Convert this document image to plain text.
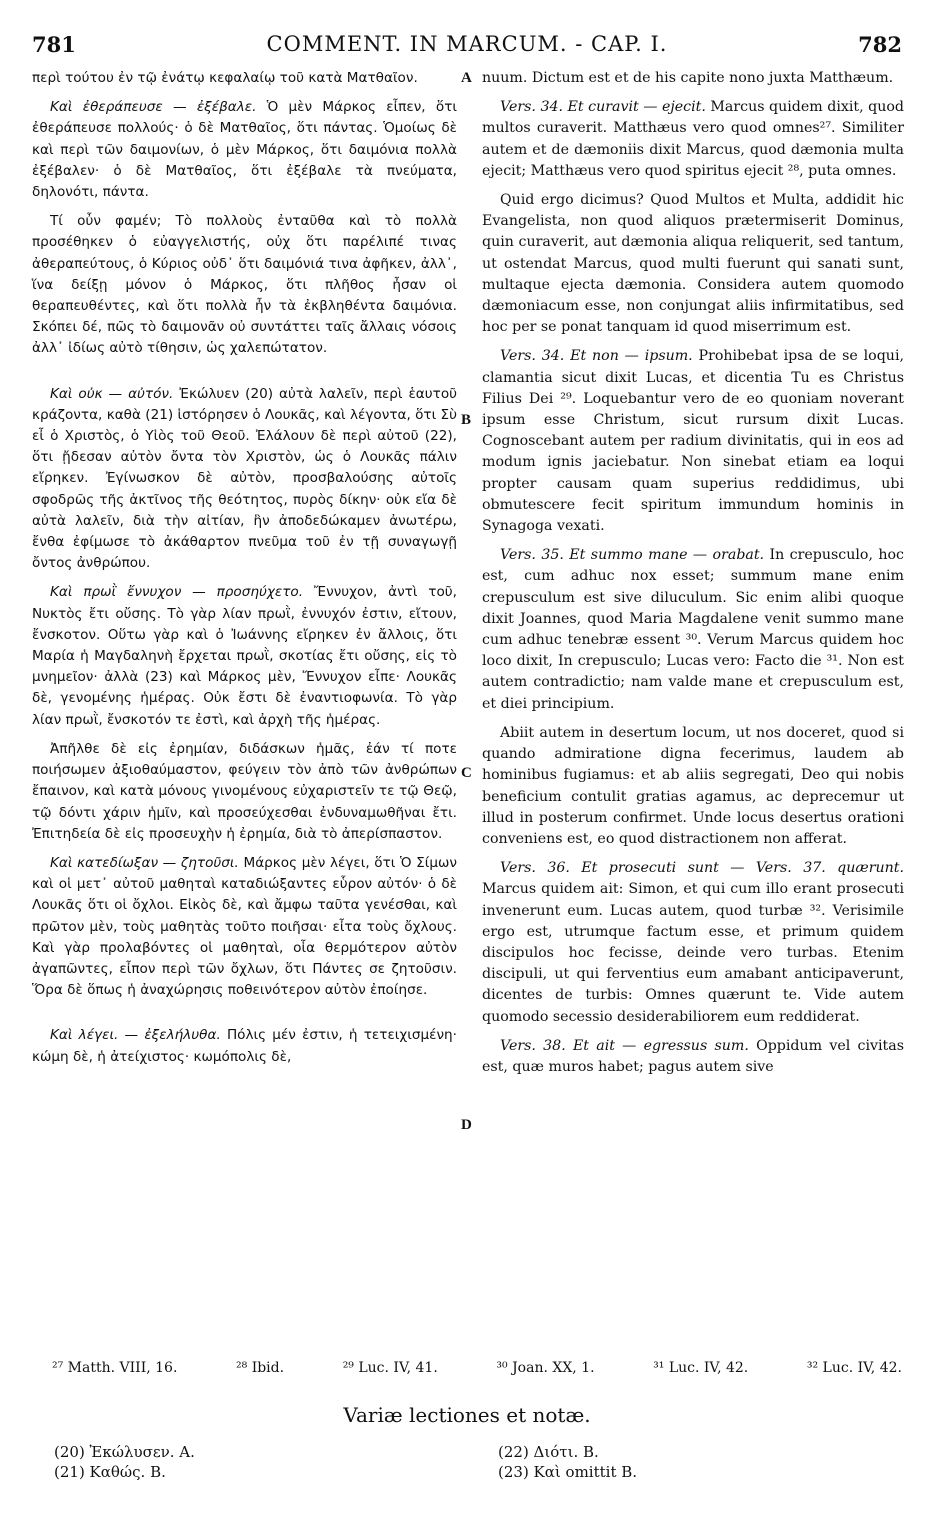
781	COMMENT. IN MARCUM. - CAP. I.	782
A
B
C
D

περὶ τούτου ἐν τῷ ἐνάτῳ κεφαλαίῳ τοῦ κατὰ Ματθαῖον.

Καὶ ἐθεράπευσε — ἐξέβαλε. Ὁ μὲν Μάρκος εἶπεν, ὅτι ἐθεράπευσε πολλούς· ὁ δὲ Ματθαῖος, ὅτι πάντας. Ὁμοίως δὲ καὶ περὶ τῶν δαιμονίων, ὁ μὲν Μάρκος, ὅτι δαιμόνια πολλὰ ἐξέβαλεν· ὁ δὲ Ματθαῖος, ὅτι ἐξέβαλε τὰ πνεύματα, δηλονότι, πάντα.

Τί οὖν φαμέν; Τὸ πολλοὺς ἐνταῦθα καὶ τὸ πολλὰ προσέθηκεν ὁ εὐαγγελιστής, οὐχ ὅτι παρέλιπέ τινας ἀθεραπεύτους, ὁ Κύριος οὐδ᾽ ὅτι δαιμόνιά τινα ἀφῆκεν, ἀλλ᾽, ἵνα δείξῃ μόνον ὁ Μάρκος, ὅτι πλῆθος ἦσαν οἱ θεραπευθέντες, καὶ ὅτι πολλὰ ἦν τὰ ἐκβληθέντα δαιμόνια. Σκόπει δέ, πῶς τὸ δαιμονᾶν οὐ συντάττει ταῖς ἄλλαις νόσοις ἀλλ᾽ ἰδίως αὐτὸ τίθησιν, ὡς χαλεπώτατον.

Καὶ οὐκ — αὐτόν. Ἐκώλυεν (20) αὐτὰ λαλεῖν, περὶ ἑαυτοῦ κράζοντα, καθὰ (21) ἱστόρησεν ὁ Λουκᾶς, καὶ λέγοντα, ὅτι Σὺ εἶ ὁ Χριστὸς, ὁ Υἱὸς τοῦ Θεοῦ. Ἐλάλουν δὲ περὶ αὐτοῦ (22), ὅτι ᾔδεσαν αὐτὸν ὄντα τὸν Χριστὸν, ὡς ὁ Λουκᾶς πάλιν εἴρηκεν. Ἐγίνωσκον δὲ αὐτὸν, προσβαλούσης αὐτοῖς σφοδρῶς τῆς ἀκτῖνος τῆς θεότητος, πυρὸς δίκην· οὐκ εἴα δὲ αὐτὰ λαλεῖν, διὰ τὴν αἰτίαν, ἣν ἀποδεδώκαμεν ἀνωτέρω, ἔνθα ἐφίμωσε τὸ ἀκάθαρτον πνεῦμα τοῦ ἐν τῇ συναγωγῇ ὄντος ἀνθρώπου.

Καὶ πρωῒ ἔννυχον — προσηύχετο. Ἔννυχον, ἀντὶ τοῦ, Νυκτὸς ἔτι οὔσης. Τὸ γὰρ λίαν πρωῒ, ἐννυχόν ἐστιν, εἴτουν, ἔνσκοτον. Οὕτω γὰρ καὶ ὁ Ἰωάννης εἴρηκεν ἐν ἄλλοις, ὅτι Μαρία ἡ Μαγδαληνὴ ἔρχεται πρωῒ, σκοτίας ἔτι οὔσης, εἰς τὸ μνημεῖον· ἀλλὰ (23) καὶ Μάρκος μὲν, Ἔννυχον εἶπε· Λουκᾶς δὲ, γενομένης ἡμέρας. Οὐκ ἔστι δὲ ἐναντιοφωνία. Τὸ γὰρ λίαν πρωῒ, ἔνσκοτόν τε ἐστὶ, καὶ ἀρχὴ τῆς ἡμέρας.

Ἀπῆλθε δὲ εἰς ἐρημίαν, διδάσκων ἡμᾶς, ἐάν τί ποτε ποιήσωμεν ἀξιοθαύμαστον, φεύγειν τὸν ἀπὸ τῶν ἀνθρώπων ἔπαινον, καὶ κατὰ μόνους γινομένους εὐχαριστεῖν τε τῷ Θεῷ, τῷ δόντι χάριν ἡμῖν, καὶ προσεύχεσθαι ἐνδυναμωθῆναι ἔτι. Ἐπιτηδεία δὲ εἰς προσευχὴν ἡ ἐρημία, διὰ τὸ ἀπερίσπαστον.

Καὶ κατεδίωξαν — ζητοῦσι. Μάρκος μὲν λέγει, ὅτι Ὁ Σίμων καὶ οἱ μετ᾽ αὐτοῦ μαθηταὶ καταδιώξαντες εὗρον αὐτόν· ὁ δὲ Λουκᾶς ὅτι οἱ ὄχλοι. Εἰκὸς δὲ, καὶ ἄμφω ταῦτα γενέσθαι, καὶ πρῶτον μὲν, τοὺς μαθητὰς τοῦτο ποιῆσαι· εἶτα τοὺς ὄχλους. Καὶ γὰρ προλαβόντες οἱ μαθηταὶ, οἷα θερμότερον αὐτὸν ἀγαπῶντες, εἶπον περὶ τῶν ὄχλων, ὅτι Πάντες σε ζητοῦσιν. Ὅρα δὲ ὅπως ἡ ἀναχώρησις ποθεινότερον αὐτὸν ἐποίησε.

Καὶ λέγει. — ἐξελήλυθα. Πόλις μέν ἐστιν, ἡ τετειχισμένη· κώμη δὲ, ἡ ἀτείχιστος· κωμόπολις δὲ,

nuum. Dictum est et de his capite nono juxta Matthæum.

Vers. 34. Et curavit — ejecit. Marcus quidem dixit, quod multos curaverit. Matthæus vero quod omnes²⁷. Similiter autem et de dæmoniis dixit Marcus, quod dæmonia multa ejecit; Matthæus vero quod spiritus ejecit ²⁸, puta omnes.

Quid ergo dicimus? Quod Multos et Multa, addidit hic Evangelista, non quod aliquos prætermiserit Dominus, quin curaverit, aut dæmonia aliqua reliquerit, sed tantum, ut ostendat Marcus, quod multi fuerunt qui sanati sunt, multaque ejecta dæmonia. Considera autem quomodo dæmoniacum esse, non conjungat aliis infirmitatibus, sed hoc per se ponat tanquam id quod miserrimum est.

Vers. 34. Et non — ipsum. Prohibebat ipsa de se loqui, clamantia sicut dixit Lucas, et dicentia Tu es Christus Filius Dei ²⁹. Loquebantur vero de eo quoniam noverant ipsum esse Christum, sicut rursum dixit Lucas. Cognoscebant autem per radium divinitatis, qui in eos ad modum ignis jaciebatur. Non sinebat etiam ea loqui propter causam quam superius reddidimus, ubi obmutescere fecit spiritum immundum hominis in Synagoga vexati.

Vers. 35. Et summo mane — orabat. In crepusculo, hoc est, cum adhuc nox esset; summum mane enim crepusculum est sive diluculum. Sic enim alibi quoque dixit Joannes, quod Maria Magdalene venit summo mane cum adhuc tenebræ essent ³⁰. Verum Marcus quidem hoc loco dixit, In crepusculo; Lucas vero: Facto die ³¹. Non est autem contradictio; nam valde mane et crepusculum est, et diei principium.

Abiit autem in desertum locum, ut nos doceret, quod si quando admiratione digna fecerimus, laudem ab hominibus fugiamus: et ab aliis segregati, Deo qui nobis beneficium contulit gratias agamus, ac deprecemur ut illud in posterum confirmet. Unde locus desertus orationi conveniens est, eo quod distractionem non afferat.

Vers. 36. Et prosecuti sunt — Vers. 37. quærunt. Marcus quidem ait: Simon, et qui cum illo erant prosecuti invenerunt eum. Lucas autem, quod turbæ ³². Verisimile ergo est, utrumque factum esse, et primum quidem discipulos hoc fecisse, deinde vero turbas. Etenim discipuli, ut qui ferventius eum amabant anticipaverunt, dicentes de turbis: Omnes quærunt te. Vide autem quomodo secessio desiderabiliorem eum reddiderat.

Vers. 38. Et ait — egressus sum. Oppidum vel civitas est, quæ muros habet; pagus autem sive

²⁷ Matth. VIII, 16.	²⁸ Ibid.	²⁹ Luc. IV, 41.	³⁰ Joan. XX, 1.	³¹ Luc. IV, 42.	³² Luc. IV, 42.
Variæ lectiones et notæ.
(20) Ἐκώλυσεν. A.
(21) Καθώς. B.
(22) Διότι. B.
(23) Καὶ omittit B.
